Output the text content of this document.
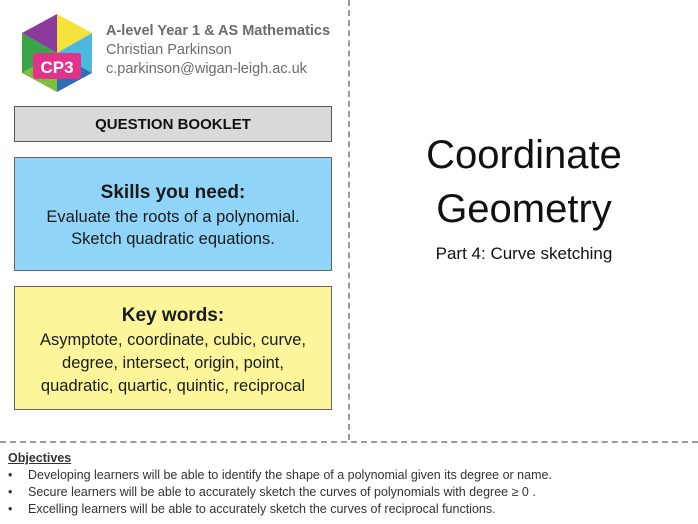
CP3
A-level Year 1 & AS Mathematics
Christian Parkinson
c.parkinson@wigan-leigh.ac.uk
QUESTION BOOKLET
Skills you need:
Evaluate the roots of a polynomial.
Sketch quadratic equations.
Key words:
Asymptote, coordinate, cubic, curve,
degree, intersect, origin, point,
quadratic, quartic, quintic, reciprocal
Coordinate
Geometry
Part 4: Curve sketching
Objectives
• Developing learners will be able to identify the shape of a polynomial given its degree or name.
• Secure learners will be able to accurately sketch the curves of polynomials with degree ≥ 0 .
• Excelling learners will be able to accurately sketch the curves of reciprocal functions.
